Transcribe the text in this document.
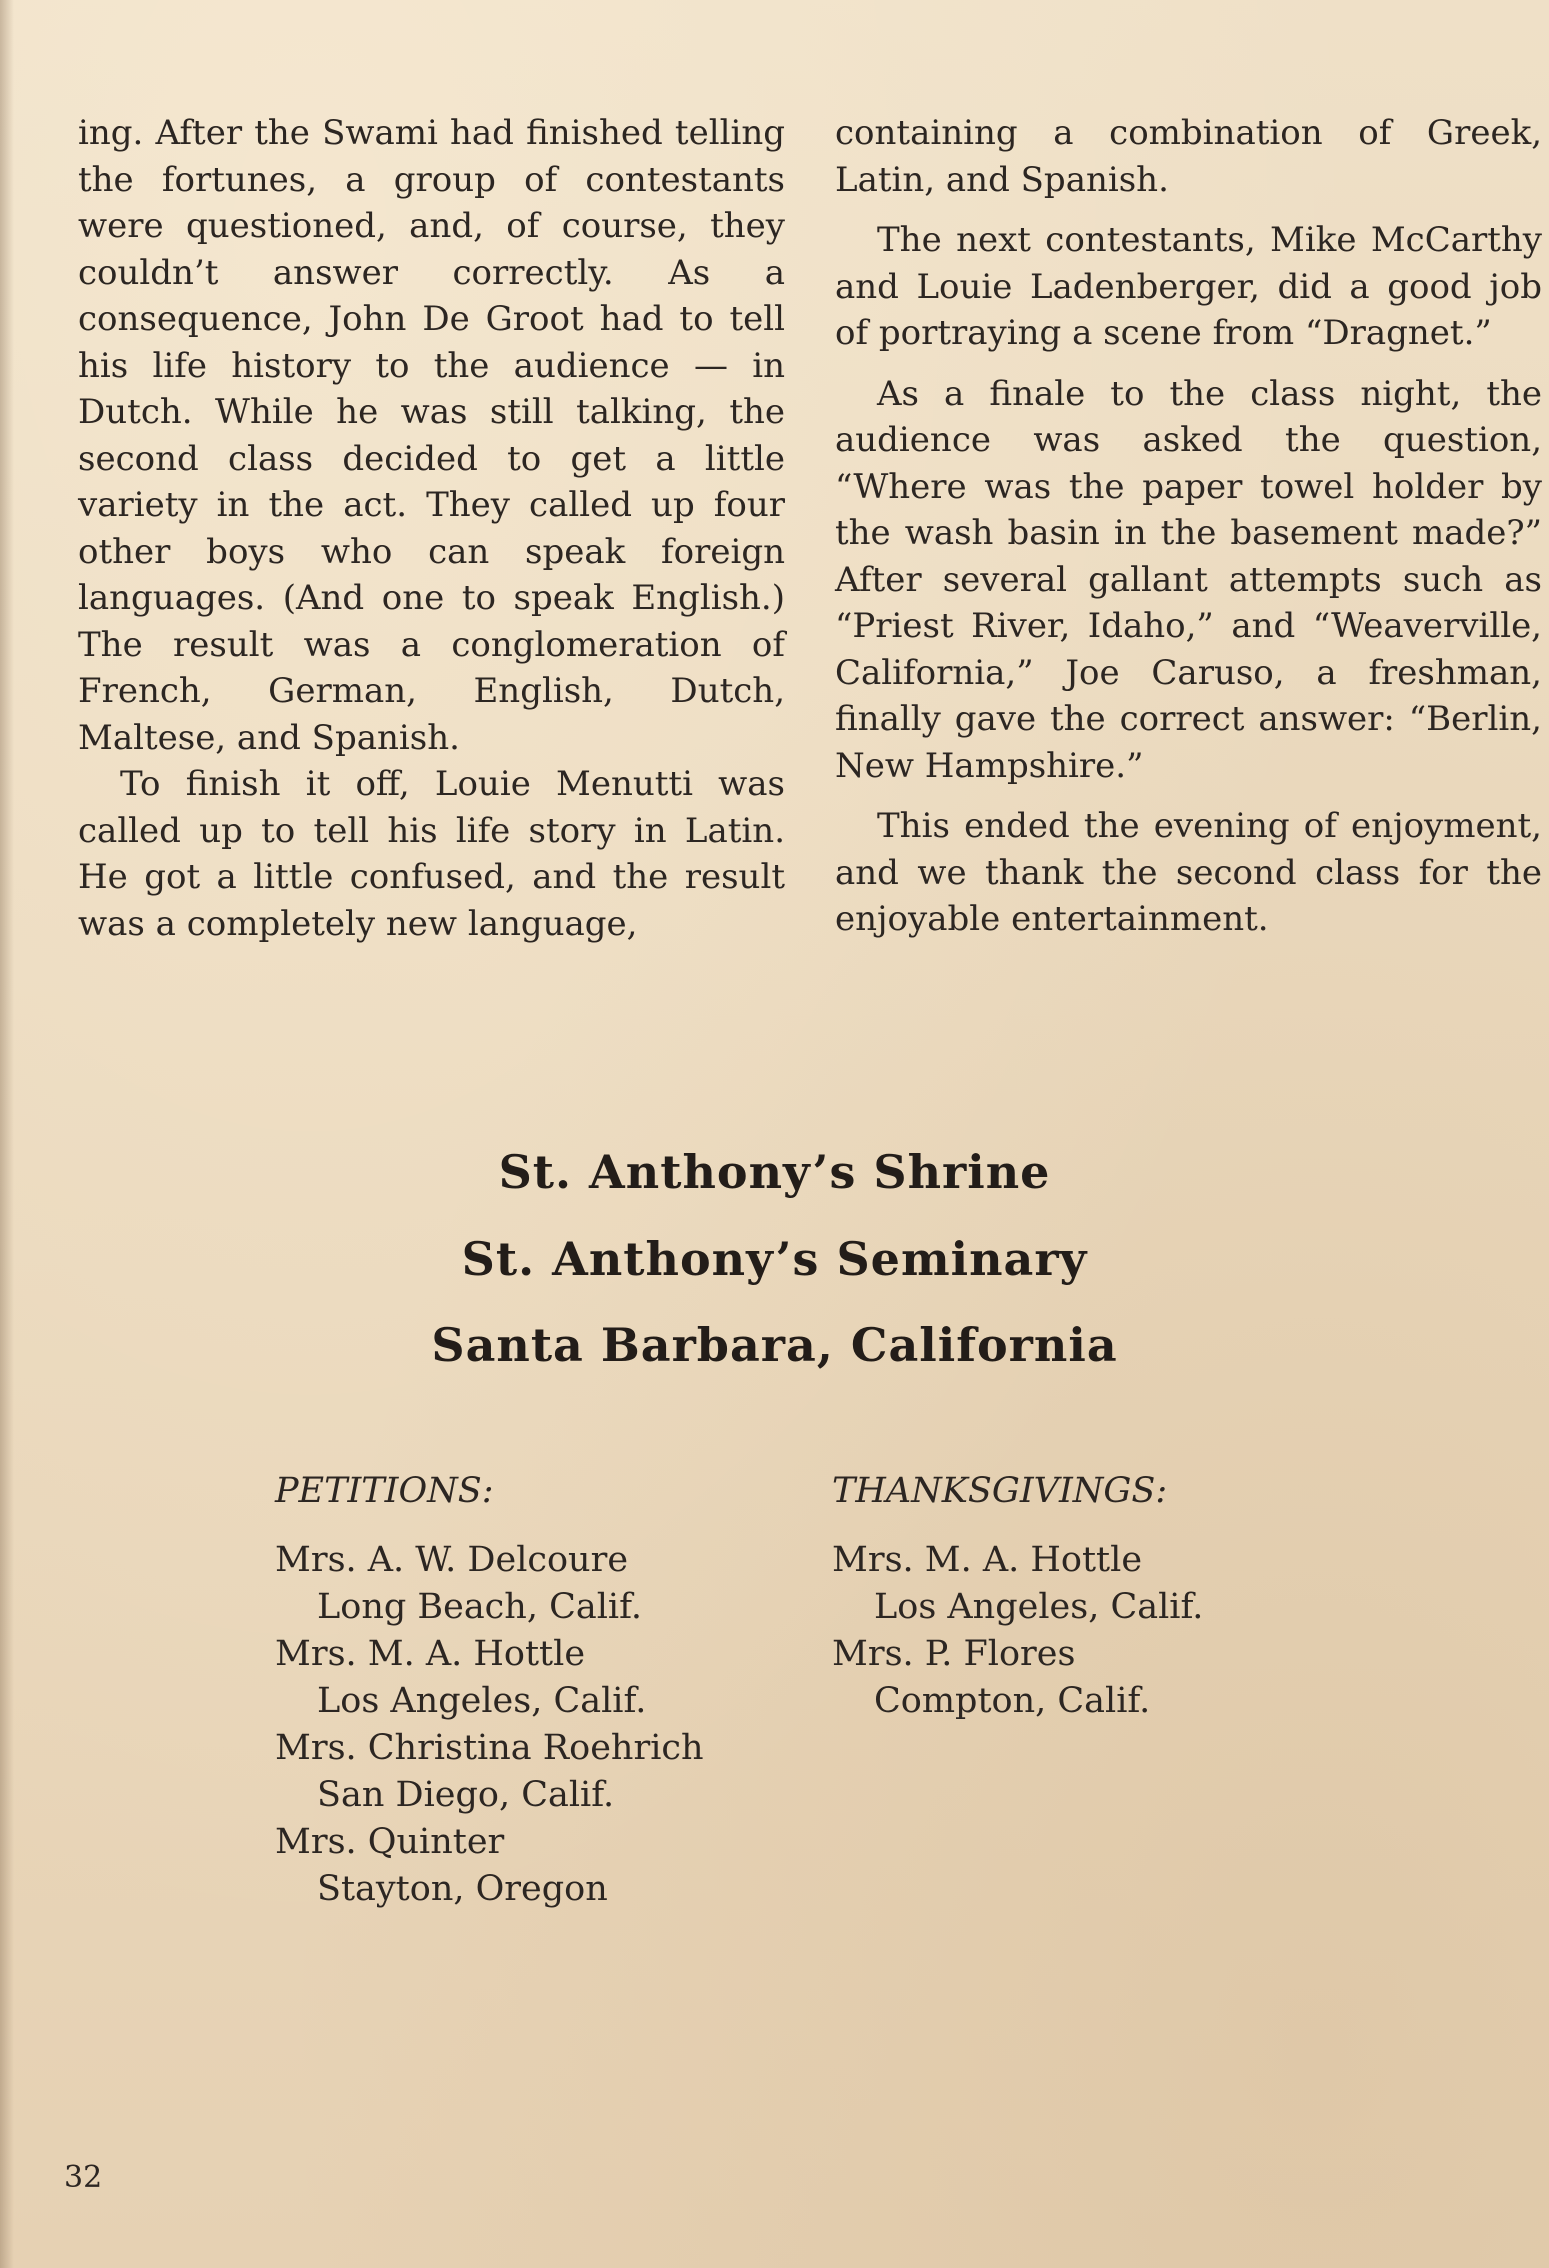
ing. After the Swami had finished telling the fortunes, a group of contestants were questioned, and, of course, they couldn’t answer correctly. As a consequence, John De Groot had to tell his life history to the audience — in Dutch. While he was still talking, the second class decided to get a little variety in the act. They called up four other boys who can speak foreign languages. (And one to speak English.) The result was a conglomeration of French, German, English, Dutch, Maltese, and Spanish.

To finish it off, Louie Menutti was called up to tell his life story in Latin. He got a little confused, and the result was a completely new language,

containing a combination of Greek, Latin, and Spanish.

The next contestants, Mike McCarthy and Louie Ladenberger, did a good job of portraying a scene from “Dragnet.”

As a finale to the class night, the audience was asked the question, “Where was the paper towel holder by the wash basin in the basement made?” After several gallant attempts such as “Priest River, Idaho,” and “Weaverville, California,” Joe Caruso, a freshman, finally gave the correct answer: “Berlin, New Hampshire.”

This ended the evening of enjoyment, and we thank the second class for the enjoyable entertainment.

St. Anthony’s Shrine
St. Anthony’s Seminary
Santa Barbara, California
PETITIONS:
Mrs. A. W. Delcoure
Long Beach, Calif.
Mrs. M. A. Hottle
Los Angeles, Calif.
Mrs. Christina Roehrich
San Diego, Calif.
Mrs. Quinter
Stayton, Oregon
THANKSGIVINGS:
Mrs. M. A. Hottle
Los Angeles, Calif.
Mrs. P. Flores
Compton, Calif.
32
